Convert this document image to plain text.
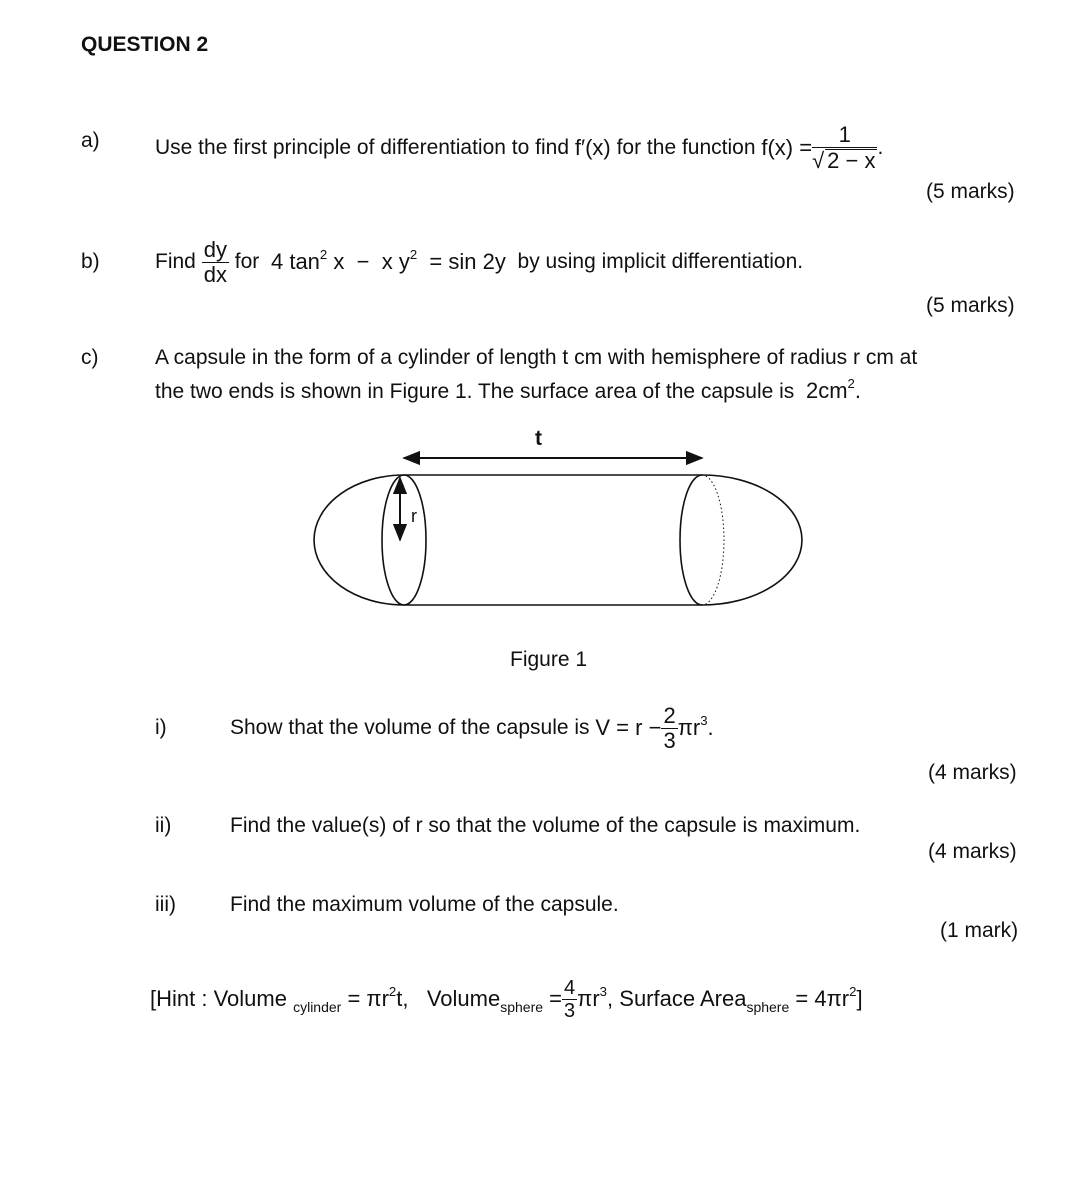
QUESTION 2
a)	Use the first principle of differentiation to find
f′(x)
for the function
$f(x) = \frac{1}{√ 2 - x}$ .
(5 marks)
b)	Find
$\frac{dy}{dx}$
for
4 $\tan^2 x - x$ $y^2 = \sin 2y$
by using implicit differentiation.
(5 marks)
c)	A capsule in the form of a cylinder of length t cm with hemisphere of radius r cm at
the two ends is shown in Figure 1. The surface area of the capsule is $2cm^2$.
t
r
Figure 1
i)	Show that the volume of the capsule is
$V = r - \frac{2}{3} \pi r^3$.
(4 marks)
ii)	Find the value(s) of r so that the volume of the capsule is maximum.
(4 marks)
iii)	Find the maximum volume of the capsule.
(1 mark)
[Hint : Volume
cylinder
= $\pi r^2t$,
Volume sphere
= $\frac{4}{3} \pi r^3$,
Surface Area sphere
= $4\pi r^2$ ]
